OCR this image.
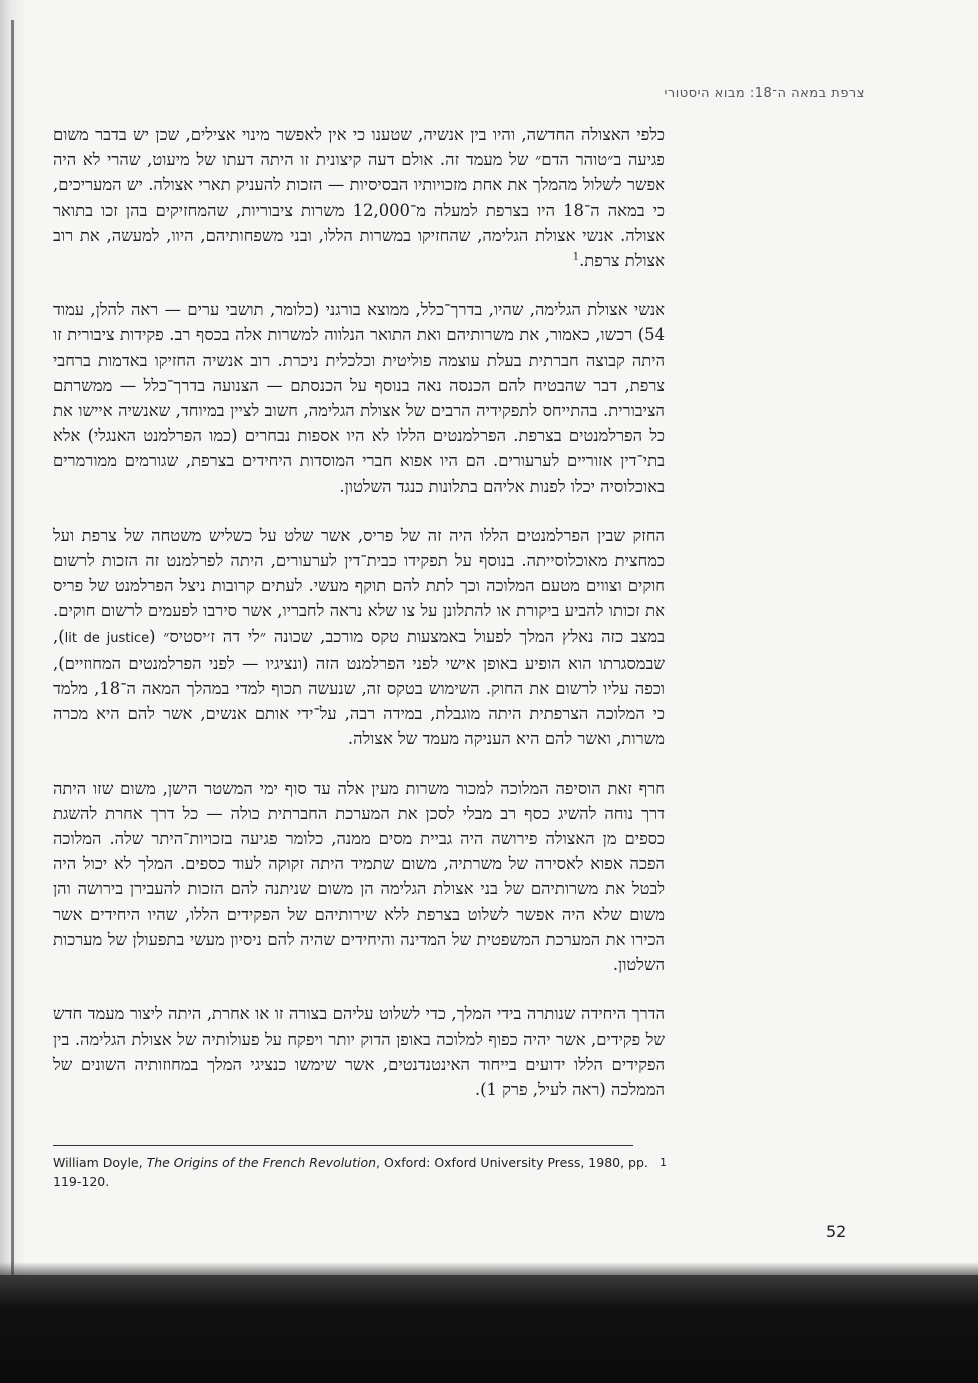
צרפת במאה ה־18: מבוא היסטורי

כלפי האצולה החדשה, והיו בין אנשיה, שטענו כי אין לאפשר מינוי אצילים, שכן יש בדבר משום פגיעה ב״טוהר הדם״ של מעמד זה. אולם דעה קיצונית זו היתה דעתו של מיעוט, שהרי לא היה אפשר לשלול מהמלך את אחת מזכויותיו הבסיסיות — הזכות להעניק תארי אצולה. יש המעריכים, כי במאה ה־18 היו בצרפת למעלה מ־12,000 משרות ציבוריות, שהמחזיקים בהן זכו בתואר אצולה. אנשי אצולת הגלימה, שהחזיקו במשרות הללו, ובני משפחותיהם, היוו, למעשה, את רוב אצולת צרפת.$^1$

אנשי אצולת הגלימה, שהיו, בדרך־כלל, ממוצא בורגני (כלומר, תושבי ערים — ראה להלן, עמוד 54) רכשו, כאמור, את משרותיהם ואת התואר הנלווה למשרות אלה בכסף רב. פקידות ציבורית זו היתה קבוצה חברתית בעלת עוצמה פוליטית וכלכלית ניכרת. רוב אנשיה החזיקו באדמות ברחבי צרפת, דבר שהבטיח להם הכנסה נאה בנוסף על הכנסתם — הצנועה בדרך־כלל — ממשרתם הציבורית. בהתייחס לתפקידיה הרבים של אצולת הגלימה, חשוב לציין במיוחד, שאנשיה איישו את כל הפרלמנטים בצרפת. הפרלמנטים הללו לא היו אספות נבחרים (כמו הפרלמנט האנגלי) אלא בתי־דין אזוריים לערעורים. הם היו אפוא חברי המוסדות היחידים בצרפת, שגורמים ממורמרים באוכלוסיה יכלו לפנות אליהם בתלונות כנגד השלטון.

החזק שבין הפרלמנטים הללו היה זה של פריס, אשר שלט על כשליש משטחה של צרפת ועל כמחצית מאוכלוסייתה. בנוסף על תפקידו כבית־דין לערעורים, היתה לפרלמנט זה הזכות לרשום חוקים וצווים מטעם המלוכה וכך לתת להם תוקף מעשי. לעתים קרובות ניצל הפרלמנט של פריס את זכותו להביע ביקורת או להתלונן על צו שלא נראה לחבריו, אשר סירבו לפעמים לרשום חוקים. במצב כזה נאלץ המלך לפעול באמצעות טקס מורכב, שכונה ״לי דה ז׳יסטיס״ (lit de justice), שבמסגרתו הוא הופיע באופן אישי לפני הפרלמנט הזה (ונציגיו — לפני הפרלמנטים המחוזיים), וכפה עליו לרשום את החוק. השימוש בטקס זה, שנעשה תכוף למדי במהלך המאה ה־18, מלמד כי המלוכה הצרפתית היתה מוגבלת, במידה רבה, על־ידי אותם אנשים, אשר להם היא מכרה משרות, ואשר להם היא העניקה מעמד של אצולה.

חרף זאת הוסיפה המלוכה למכור משרות מעין אלה עד סוף ימי המשטר הישן, משום שזו היתה דרך נוחה להשיג כסף רב מבלי לסכן את המערכת החברתית כולה — כל דרך אחרת להשגת כספים מן האצולה פירושה היה גביית מסים ממנה, כלומר פגיעה בזכויות־היתר שלה. המלוכה הפכה אפוא לאסירה של משרתיה, משום שתמיד היתה זקוקה לעוד כספים. המלך לא יכול היה לבטל את משרותיהם של בני אצולת הגלימה הן משום שניתנה להם הזכות להעבירן בירושה והן משום שלא היה אפשר לשלוט בצרפת ללא שירותיהם של הפקידים הללו, שהיו היחידים אשר הכירו את המערכת המשפטית של המדינה והיחידים שהיה להם ניסיון מעשי בתפעולן של מערכות השלטון.

הדרך היחידה שנותרה בידי המלך, כדי לשלוט עליהם בצורה זו או אחרת, היתה ליצור מעמד חדש של פקידים, אשר יהיה כפוף למלוכה באופן הדוק יותר ויפקח על פעולותיה של אצולת הגלימה. בין הפקידים הללו ידועים בייחוד האינטנדנטים, אשר שימשו כנציגי המלך במחוזותיה השונים של הממלכה (ראה לעיל, פרק 1).

1
William Doyle, The Origins of the French Revolution, Oxford: Oxford University Press, 1980, pp.
119-120.
52
